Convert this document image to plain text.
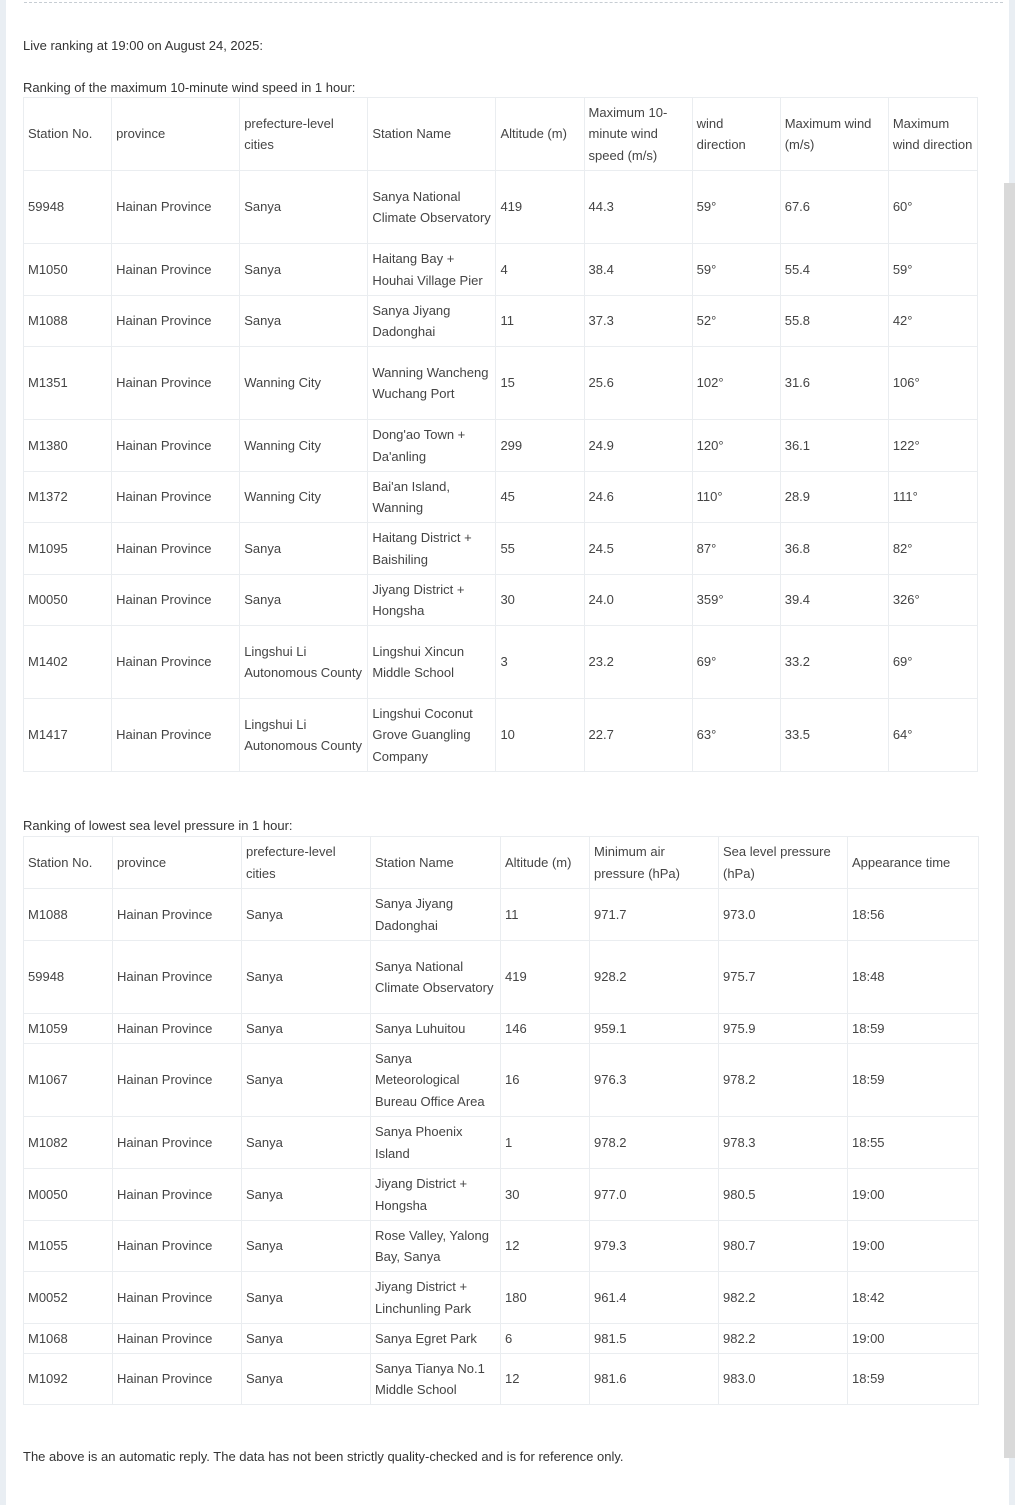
Live ranking at 19:00 on August 24, 2025:
Ranking of the maximum 10-minute wind speed in 1 hour:
Station No.	province	prefecture-level cities	Station Name	Altitude (m)	Maximum 10-minute wind speed (m/s)	wind direction	Maximum wind (m/s)	Maximum wind direction
59948	Hainan Province	Sanya	Sanya National Climate Observatory	419	44.3	59°	67.6	60°
M1050	Hainan Province	Sanya	Haitang Bay + Houhai Village Pier	4	38.4	59°	55.4	59°
M1088	Hainan Province	Sanya	Sanya Jiyang Dadonghai	11	37.3	52°	55.8	42°
M1351	Hainan Province	Wanning City	Wanning Wancheng Wuchang Port	15	25.6	102°	31.6	106°
M1380	Hainan Province	Wanning City	Dong'ao Town + Da'anling	299	24.9	120°	36.1	122°
M1372	Hainan Province	Wanning City	Bai'an Island, Wanning	45	24.6	110°	28.9	111°
M1095	Hainan Province	Sanya	Haitang District + Baishiling	55	24.5	87°	36.8	82°
M0050	Hainan Province	Sanya	Jiyang District + Hongsha	30	24.0	359°	39.4	326°
M1402	Hainan Province	Lingshui Li Autonomous County	Lingshui Xincun Middle School	3	23.2	69°	33.2	69°
M1417	Hainan Province	Lingshui Li Autonomous County	Lingshui Coconut Grove Guangling Company	10	22.7	63°	33.5	64°
Ranking of lowest sea level pressure in 1 hour:
Station No.	province	prefecture-level cities	Station Name	Altitude (m)	Minimum air pressure (hPa)	Sea level pressure (hPa)	Appearance time
M1088	Hainan Province	Sanya	Sanya Jiyang Dadonghai	11	971.7	973.0	18:56
59948	Hainan Province	Sanya	Sanya National Climate Observatory	419	928.2	975.7	18:48
M1059	Hainan Province	Sanya	Sanya Luhuitou	146	959.1	975.9	18:59
M1067	Hainan Province	Sanya	Sanya Meteorological Bureau Office Area	16	976.3	978.2	18:59
M1082	Hainan Province	Sanya	Sanya Phoenix Island	1	978.2	978.3	18:55
M0050	Hainan Province	Sanya	Jiyang District + Hongsha	30	977.0	980.5	19:00
M1055	Hainan Province	Sanya	Rose Valley, Yalong Bay, Sanya	12	979.3	980.7	19:00
M0052	Hainan Province	Sanya	Jiyang District + Linchunling Park	180	961.4	982.2	18:42
M1068	Hainan Province	Sanya	Sanya Egret Park	6	981.5	982.2	19:00
M1092	Hainan Province	Sanya	Sanya Tianya No.1 Middle School	12	981.6	983.0	18:59
The above is an automatic reply. The data has not been strictly quality-checked and is for reference only.
